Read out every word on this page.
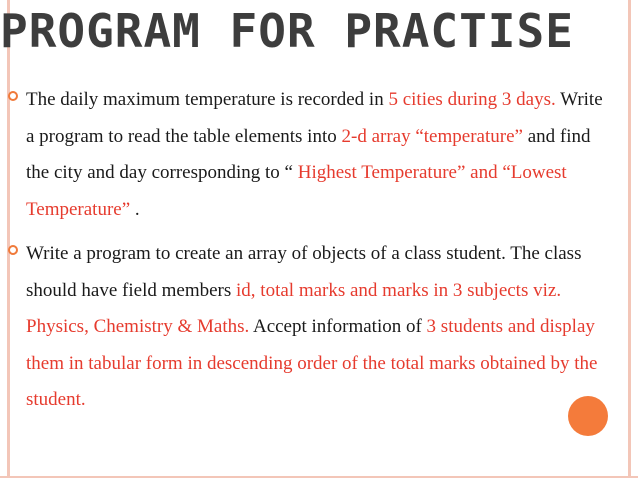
PROGRAM FOR PRACTISE
The daily maximum temperature is recorded in 5 cities during 3 days. Write a program to read the table elements into 2-d array “temperature” and find the city and day corresponding to “ Highest Temperature” and “Lowest Temperature” .
Write a program to create an array of objects of a class student. The class should have field members id, total marks and marks in 3 subjects viz. Physics, Chemistry & Maths. Accept information of 3 students and display them in tabular form in descending order of the total marks obtained by the student.
